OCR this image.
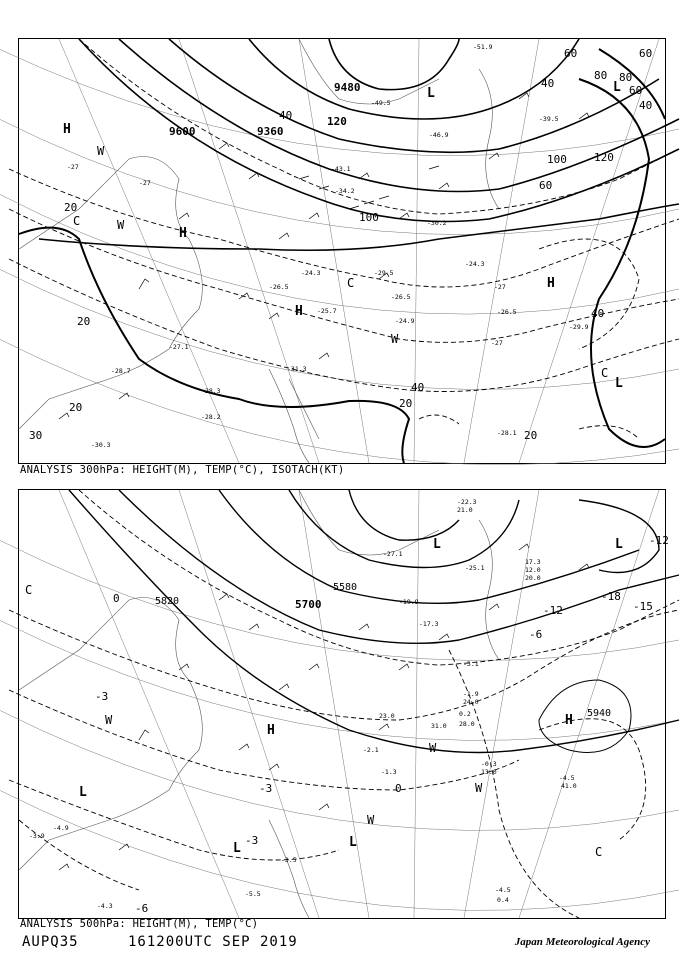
9600	9360
9480
120
100
100 120
80
60
60
40
40
40
20
20
20	20
20
40
40
30
80
60
60
H
H
H
H
L
L	L
C
C
C
W
W
W	-27
-29.5
-24.3
-26.5
-29.9
-27
-28.2
-31.3
-26.5
-24.9
-28.7
-27.1
-28.3
-30.3
-25.7
-26.5
-24.3
-27
-27
-28.1
-43.1
-46.9
-49.5
-51.9
-39.5
-34.2
-30.2
ANALYSIS 300hPa: HEIGHT(M), TEMP(°C), ISOTACH(KT)
5700
5580
5820
5940
-12
-15
-18
-12
-6
-3
-3
-3
-6
0
0
H
H
L	L
L
L	L
C
C
W
W
W
W
-22.3
21.0
-27.1
-25.1
-19.9
-17.3
-3.1
-1.9
0.2
-0.3
-4.5
-4.5
-3.5
-2.1
-1.3
17.3
12.0
20.0
24.0
23.0
31.0 28.0
13.0
41.0
0.4
-5.5
-4.9
-3.9
-4.3
ANALYSIS 500hPa: HEIGHT(M), TEMP(°C)
AUPQ35	161200UTC SEP 2019	Japan Meteorological Agency
